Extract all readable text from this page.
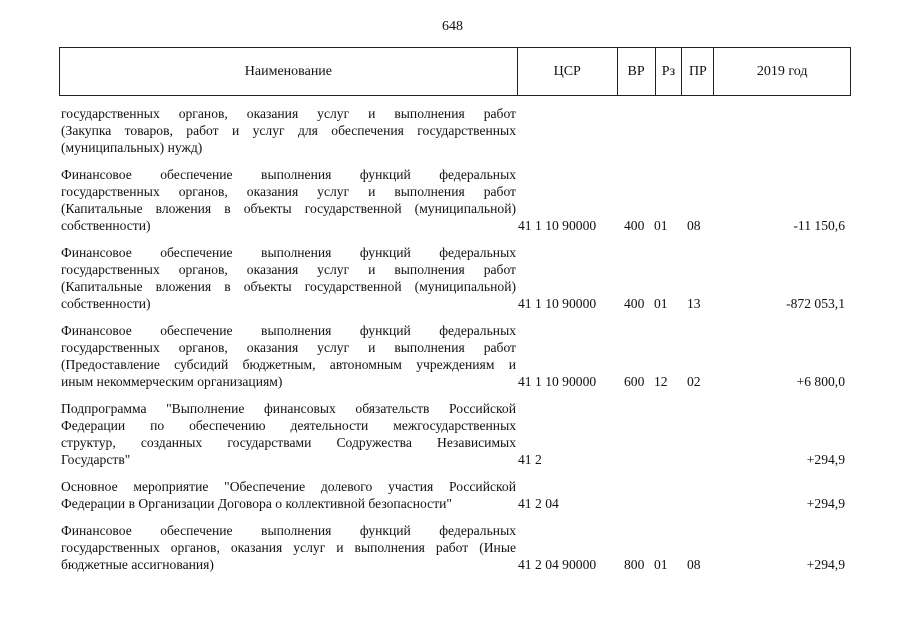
648
Наименование	ЦСР	ВР	Рз ПР	2019 год
государственных органов, оказания услуг и выполнения работ
(Закупка товаров, работ и услуг для обеспечения государственных
(муниципальных) нужд)
Финансовое обеспечение выполнения функций федеральных
государственных органов, оказания услуг и выполнения работ
(Капитальные вложения в объекты государственной (муниципальной)
собственности)	41 1 10 90000 400 01 08	-11 150,6
Финансовое обеспечение выполнения функций федеральных
государственных органов, оказания услуг и выполнения работ
(Капитальные вложения в объекты государственной (муниципальной)
собственности)	41 1 10 90000 400 01 13	-872 053,1
Финансовое обеспечение выполнения функций федеральных
государственных органов, оказания услуг и выполнения работ
(Предоставление субсидий бюджетным, автономным учреждениям и
иным некоммерческим организациям)	41 1 10 90000 600 12 02	+6 800,0
Подпрограмма "Выполнение финансовых обязательств Российской
Федерации по обеспечению деятельности межгосударственных
структур, созданных государствами Содружества Независимых
Государств"	41 2	+294,9
Основное мероприятие "Обеспечение долевого участия Российской
Федерации в Организации Договора о коллективной безопасности"	41 2 04	+294,9
Финансовое обеспечение выполнения функций федеральных
государственных органов, оказания услуг и выполнения работ (Иные
бюджетные ассигнования)	41 2 04 90000 800 01 08	+294,9
